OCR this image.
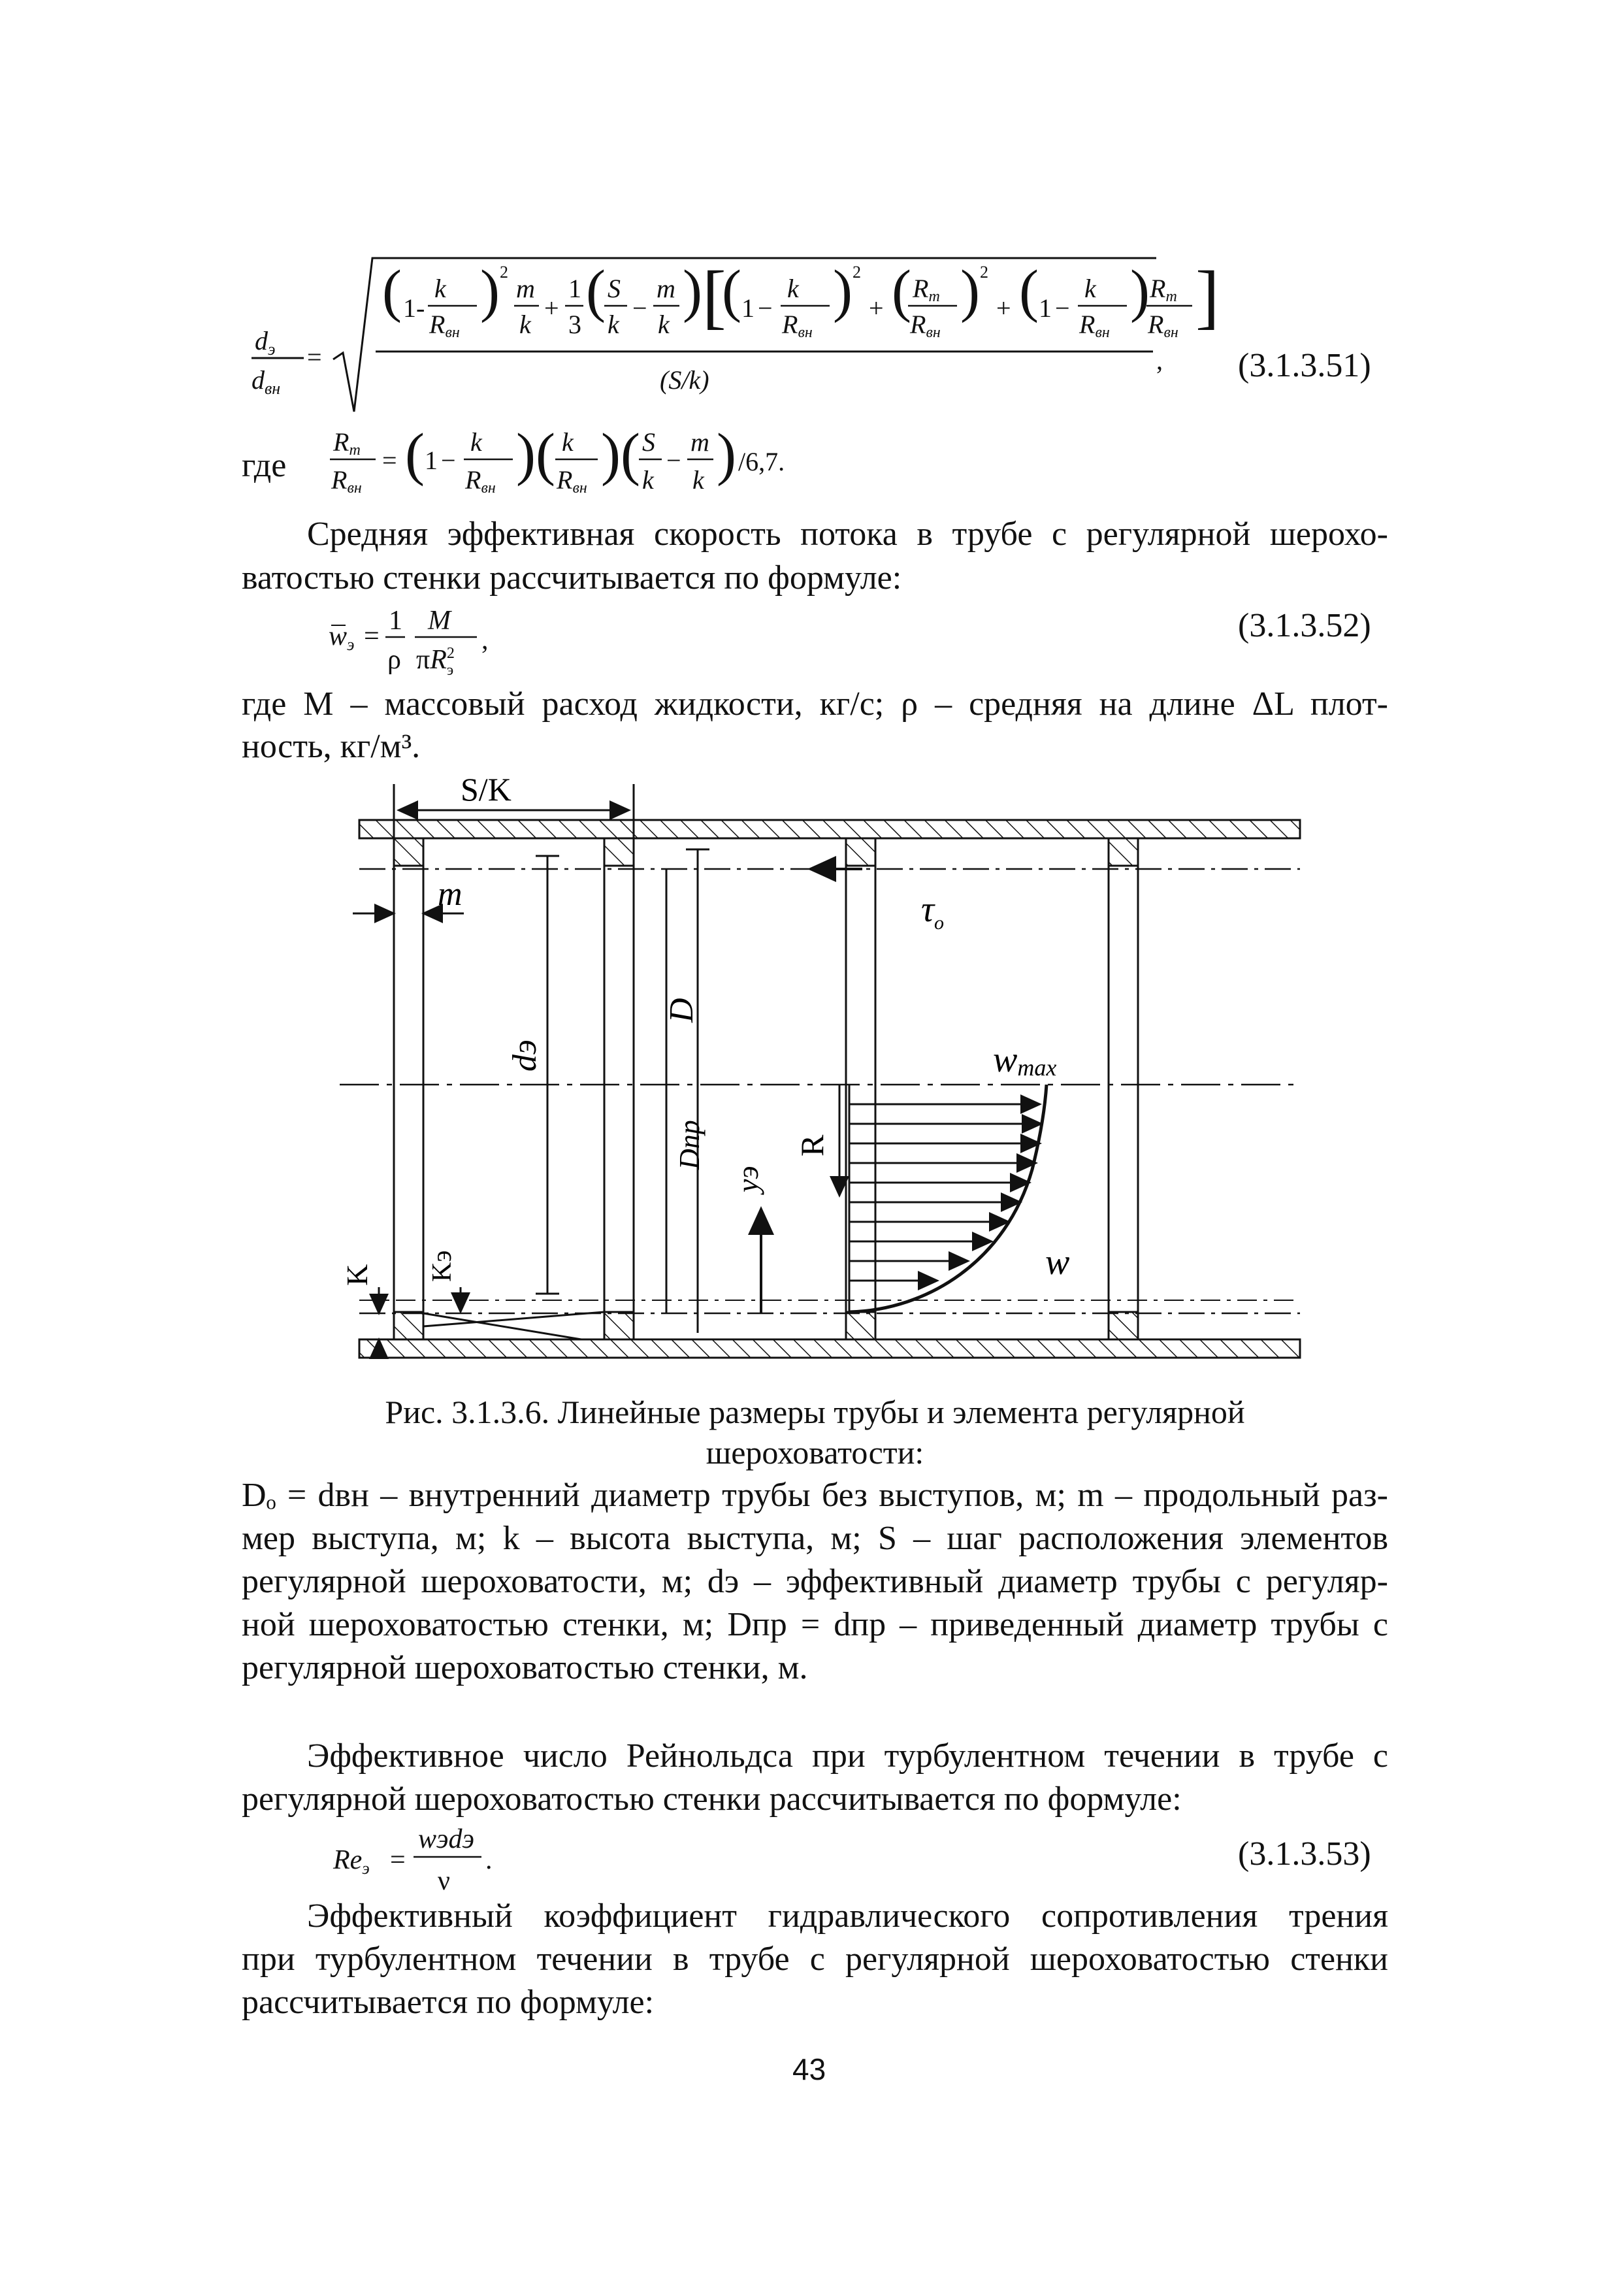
$d_э$
$d_{вн}$
=
( 1 -
k
Rвн
) 2
m
k
+
1
3
( S
k
−
m
k
) [
( 1 −
k
Rвн
) 2
+ ( Rm
Rвн
) 2
+ ( 1 −
k
Rвн
) Rm
Rвн ]
(S/k)
, (3.1.3.51)
где
Rm
Rвн
= ( 1 −
k
Rвн
) ( k
Rвн
) ( S
k
−
m
k ) /6,7.
Средняя эффективная скорость потока в трубе с регулярной шерохо-
ватостью стенки рассчитывается по формуле:
wэ =
1
ρ
M
$\pi R^2$ э
,	(3.1.3.52)
где M – массовый расход жидкости, кг/с; ρ – средняя на длине ΔL плот-
ность, кг/м³.
S/K
m	$\tau_o$
dэ
D
Dпр
yэ
R
wmax
w
K Kэ
Рис. 3.1.3.6. Линейные размеры трубы и элемента регулярной
шероховатости:
Dₒ = dвн – внутренний диаметр трубы без выступов, м; m – продольный раз-
мер выступа, м; k – высота выступа, м; S – шаг расположения элементов
регулярной шероховатости, м; dэ – эффективный диаметр трубы с регуляр-
ной шероховатостью стенки, м; Dпр = dпр – приведенный диаметр трубы с
регулярной шероховатостью стенки, м.
Эффективное число Рейнольдса при турбулентном течении в трубе с
регулярной шероховатостью стенки рассчитывается по формуле:
Reэ =
wэdэ
ν
.	(3.1.3.53)
Эффективный коэффициент гидравлического сопротивления трения
при турбулентном течении в трубе с регулярной шероховатостью стенки
рассчитывается по формуле:
43
